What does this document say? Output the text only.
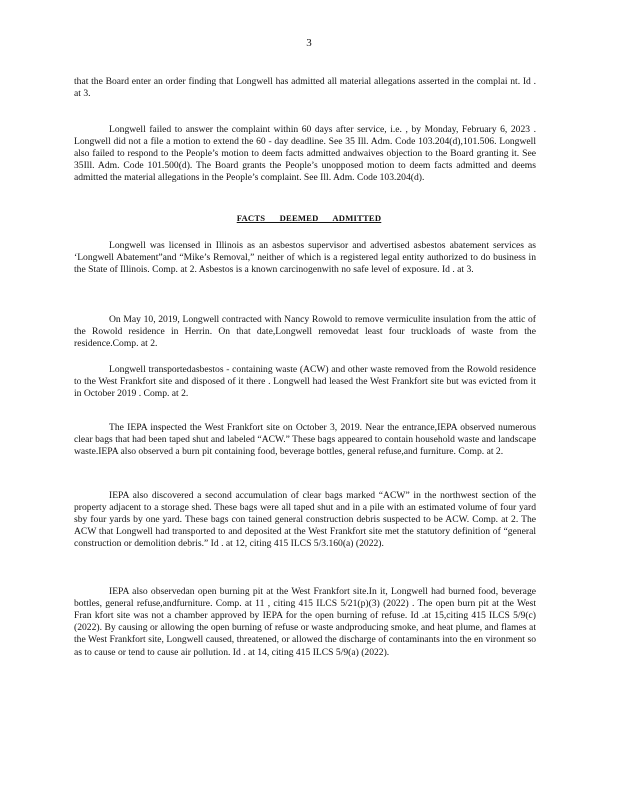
3

that the Board enter an order finding that Longwell has admitted all material allegations asserted in the complai nt. Id . at 3.

Longwell failed to answer the complaint within 60 days after service, i.e. , by Monday, February 6, 2023 . Longwell did not a file a motion to extend the 60 - day deadline. See 35 Ill. Adm. Code 103.204(d),101.506. Longwell also failed to respond to the People’s motion to deem facts admitted andwaives objection to the Board granting it. See 35Ill. Adm. Code 101.500(d). The Board grants the People’s unopposed motion to deem facts admitted and deems admitted the material allegations in the People’s complaint. See Ill. Adm. Code 103.204(d).

FACTS DEEMED ADMITTED

Longwell was licensed in Illinois as an asbestos supervisor and advertised asbestos abatement services as ‘Longwell Abatement”and “Mike’s Removal,” neither of which is a registered legal entity authorized to do business in the State of Illinois. Comp. at 2. Asbestos is a known carcinogenwith no safe level of exposure. Id . at 3.

On May 10, 2019, Longwell contracted with Nancy Rowold to remove vermiculite insulation from the attic of the Rowold residence in Herrin. On that date,Longwell removedat least four truckloads of waste from the residence.Comp. at 2.

Longwell transportedasbestos - containing waste (ACW) and other waste removed from the Rowold residence to the West Frankfort site and disposed of it there . Longwell had leased the West Frankfort site but was evicted from it in October 2019 . Comp. at 2.

The IEPA inspected the West Frankfort site on October 3, 2019. Near the entrance,IEPA observed numerous clear bags that had been taped shut and labeled “ACW.” These bags appeared to contain household waste and landscape waste.IEPA also observed a burn pit containing food, beverage bottles, general refuse,and furniture. Comp. at 2.

IEPA also discovered a second accumulation of clear bags marked “ACW” in the northwest section of the property adjacent to a storage shed. These bags were all taped shut and in a pile with an estimated volume of four yard sby four yards by one yard. These bags con tained general construction debris suspected to be ACW. Comp. at 2. The ACW that Longwell had transported to and deposited at the West Frankfort site met the statutory definition of “general construction or demolition debris.” Id . at 12, citing 415 ILCS 5/3.160(a) (2022).

IEPA also observedan open burning pit at the West Frankfort site.In it, Longwell had burned food, beverage bottles, general refuse,andfurniture. Comp. at 11 , citing 415 ILCS 5/21(p)(3) (2022) . The open burn pit at the West Fran kfort site was not a chamber approved by IEPA for the open burning of refuse. Id .at 15,citing 415 ILCS 5/9(c) (2022). By causing or allowing the open burning of refuse or waste andproducing smoke, and heat plume, and flames at the West Frankfort site, Longwell caused, threatened, or allowed the discharge of contaminants into the en vironment so as to cause or tend to cause air pollution. Id . at 14, citing 415 ILCS 5/9(a) (2022).
